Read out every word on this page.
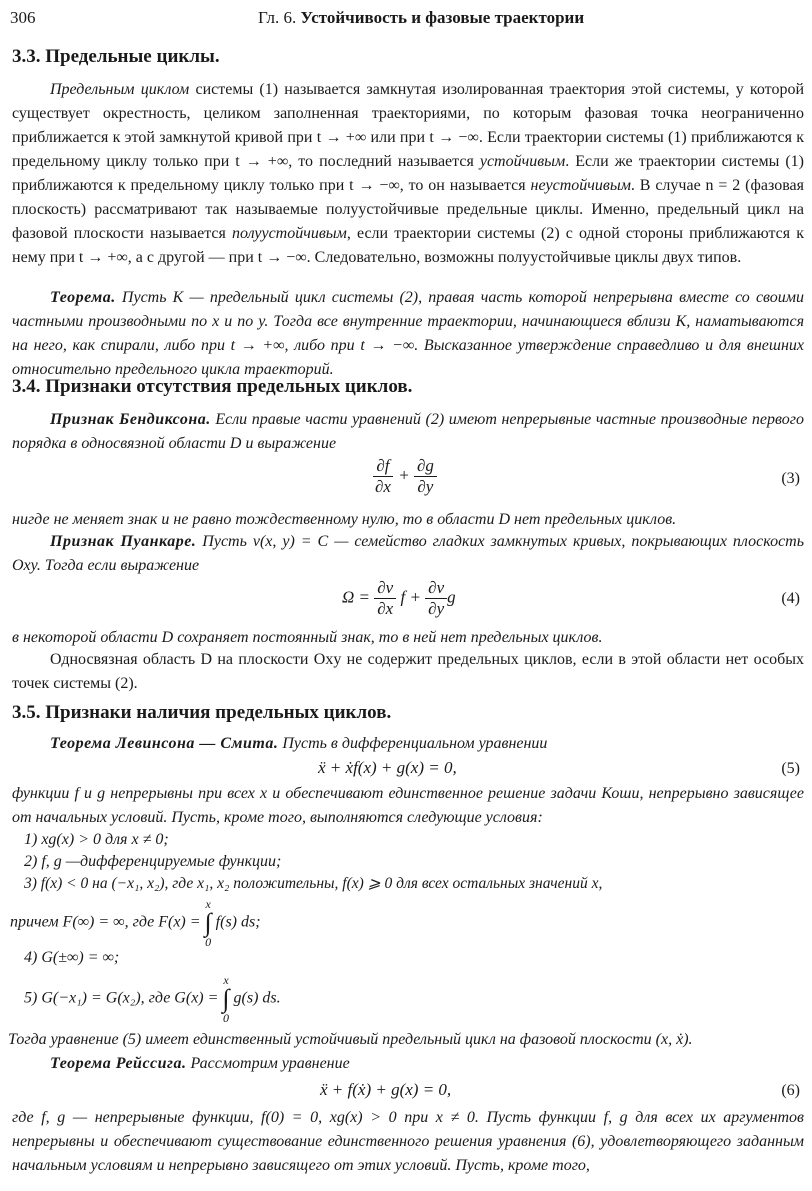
306	Гл. 6. Устойчивость и фазовые траектории
3.3. Предельные циклы.

Предельным циклом системы (1) называется замкнутая изолированная траектория этой системы, у которой существует окрестность, целиком заполненная траекториями, по которым фазовая точка неограниченно приближается к этой замкнутой кривой при t → +∞ или при t → −∞. Если траектории системы (1) приближаются к предельному циклу только при t → +∞, то последний называется устойчивым. Если же траектории системы (1) приближаются к предельному циклу только при t → −∞, то он называется неустойчивым. В случае n = 2 (фазовая плоскость) рассматривают так называемые полуустойчивые предельные циклы. Именно, предельный цикл на фазовой плоскости называется полуустойчивым, если траектории системы (2) с одной стороны приближаются к нему при t → +∞, а с другой — при t → −∞. Следовательно, возможны полуустойчивые циклы двух типов.

Теорема. Пусть K — предельный цикл системы (2), правая часть которой непрерывна вместе со своими частными производными по x и по y. Тогда все внутренние траектории, начинающиеся вблизи K, наматываются на него, как спирали, либо при t → +∞, либо при t → −∞. Высказанное утверждение справедливо и для внешних относительно предельного цикла траекторий.

3.4. Признаки отсутствия предельных циклов.

Признак Бендиксона. Если правые части уравнений (2) имеют непрерывные частные производные первого порядка в односвязной области D и выражение

$\frac{\partial f}{\partial x} + \frac{\partial g}{\partial y}$	(3)

нигде не меняет знак и не равно тождественному нулю, то в области D нет предельных циклов.

Признак Пуанкаре. Пусть v(x, y) = C — семейство гладких замкнутых кривых, покрывающих плоскость Oxy. Тогда если выражение

$\Omega = \frac{\partial v}{\partial x}$ $f + \frac{\partial v}{\partial y}$ g	(4)

в некоторой области D сохраняет постоянный знак, то в ней нет предельных циклов.

Односвязная область D на плоскости Oxy не содержит предельных циклов, если в этой области нет особых точек системы (2).

3.5. Признаки наличия предельных циклов.

Теорема Левинсона — Смита. Пусть в дифференциальном уравнении

ẍ + ẋf(x) + g(x) = 0,	(5)

функции f и g непрерывны при всех x и обеспечивают единственное решение задачи Коши, непрерывно зависящее от начальных условий. Пусть, кроме того, выполняются следующие условия:

1) xg(x) > 0 для x ≠ 0;
2) f, g —дифференцируемые функции;
3) f(x) < 0 на (−x₁, x₂), где x₁, x₂ положительны, f(x) ⩾ 0 для всех остальных значений x,
причем F(∞) = ∞, где F(x) =
x
∫
0
f(s) ds;
4) G(±∞) = ∞;
5) G(−x₁) = G(x₂), где G(x) =
x
∫
0
g(s) ds.

Тогда уравнение (5) имеет единственный устойчивый предельный цикл на фазовой плоскости (x, ẋ).

Теорема Рейссига. Рассмотрим уравнение

ẍ + f(ẋ) + g(x) = 0,	(6)

где f, g — непрерывные функции, f(0) = 0, xg(x) > 0 при x ≠ 0. Пусть функции f, g для всех их аргументов непрерывны и обеспечивают существование единственного решения уравнения (6), удовлетворяющего заданным начальным условиям и непрерывно зависящего от этих условий. Пусть, кроме того,
